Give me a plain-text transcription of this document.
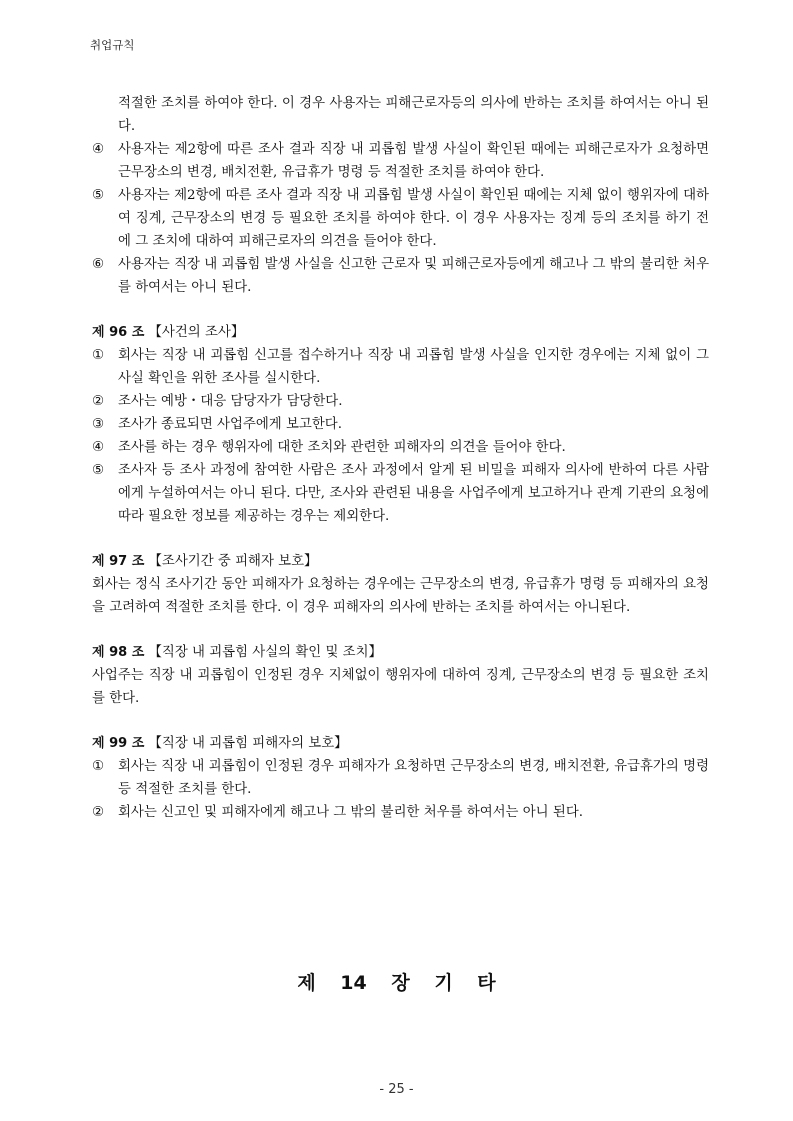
취업규칙

적절한 조치를 하여야 한다. 이 경우 사용자는 피해근로자등의 의사에 반하는 조치를 하여서는 아니 된다.

④	사용자는 제2항에 따른 조사 결과 직장 내 괴롭힘 발생 사실이 확인된 때에는 피해근로자가 요청하면 근무장소의 변경, 배치전환, 유급휴가 명령 등 적절한 조치를 하여야 한다.
⑤	사용자는 제2항에 따른 조사 결과 직장 내 괴롭힘 발생 사실이 확인된 때에는 지체 없이 행위자에 대하여 징계, 근무장소의 변경 등 필요한 조치를 하여야 한다. 이 경우 사용자는 징계 등의 조치를 하기 전에 그 조치에 대하여 피해근로자의 의견을 들어야 한다.
⑥	사용자는 직장 내 괴롭힘 발생 사실을 신고한 근로자 및 피해근로자등에게 해고나 그 밖의 불리한 처우를 하여서는 아니 된다.

제 96 조 【사건의 조사】

①	회사는 직장 내 괴롭힘 신고를 접수하거나 직장 내 괴롭힘 발생 사실을 인지한 경우에는 지체 없이 그 사실 확인을 위한 조사를 실시한다.
②	조사는 예방・대응 담당자가 담당한다.
③	조사가 종료되면 사업주에게 보고한다.
④	조사를 하는 경우 행위자에 대한 조치와 관련한 피해자의 의견을 들어야 한다.
⑤	조사자 등 조사 과정에 참여한 사람은 조사 과정에서 알게 된 비밀을 피해자 의사에 반하여 다른 사람에게 누설하여서는 아니 된다. 다만, 조사와 관련된 내용을 사업주에게 보고하거나 관계 기관의 요청에 따라 필요한 정보를 제공하는 경우는 제외한다.

제 97 조 【조사기간 중 피해자 보호】

회사는 정식 조사기간 동안 피해자가 요청하는 경우에는 근무장소의 변경, 유급휴가 명령 등 피해자의 요청을 고려하여 적절한 조치를 한다. 이 경우 피해자의 의사에 반하는 조치를 하여서는 아니된다.

제 98 조 【직장 내 괴롭힘 사실의 확인 및 조치】

사업주는 직장 내 괴롭힘이 인정된 경우 지체없이 행위자에 대하여 징계, 근무장소의 변경 등 필요한 조치를 한다.

제 99 조 【직장 내 괴롭힘 피해자의 보호】

①	회사는 직장 내 괴롭힘이 인정된 경우 피해자가 요청하면 근무장소의 변경, 배치전환, 유급휴가의 명령 등 적절한 조치를 한다.
②	회사는 신고인 및 피해자에게 해고나 그 밖의 불리한 처우를 하여서는 아니 된다.
제 14 장 기 타
- 25 -
